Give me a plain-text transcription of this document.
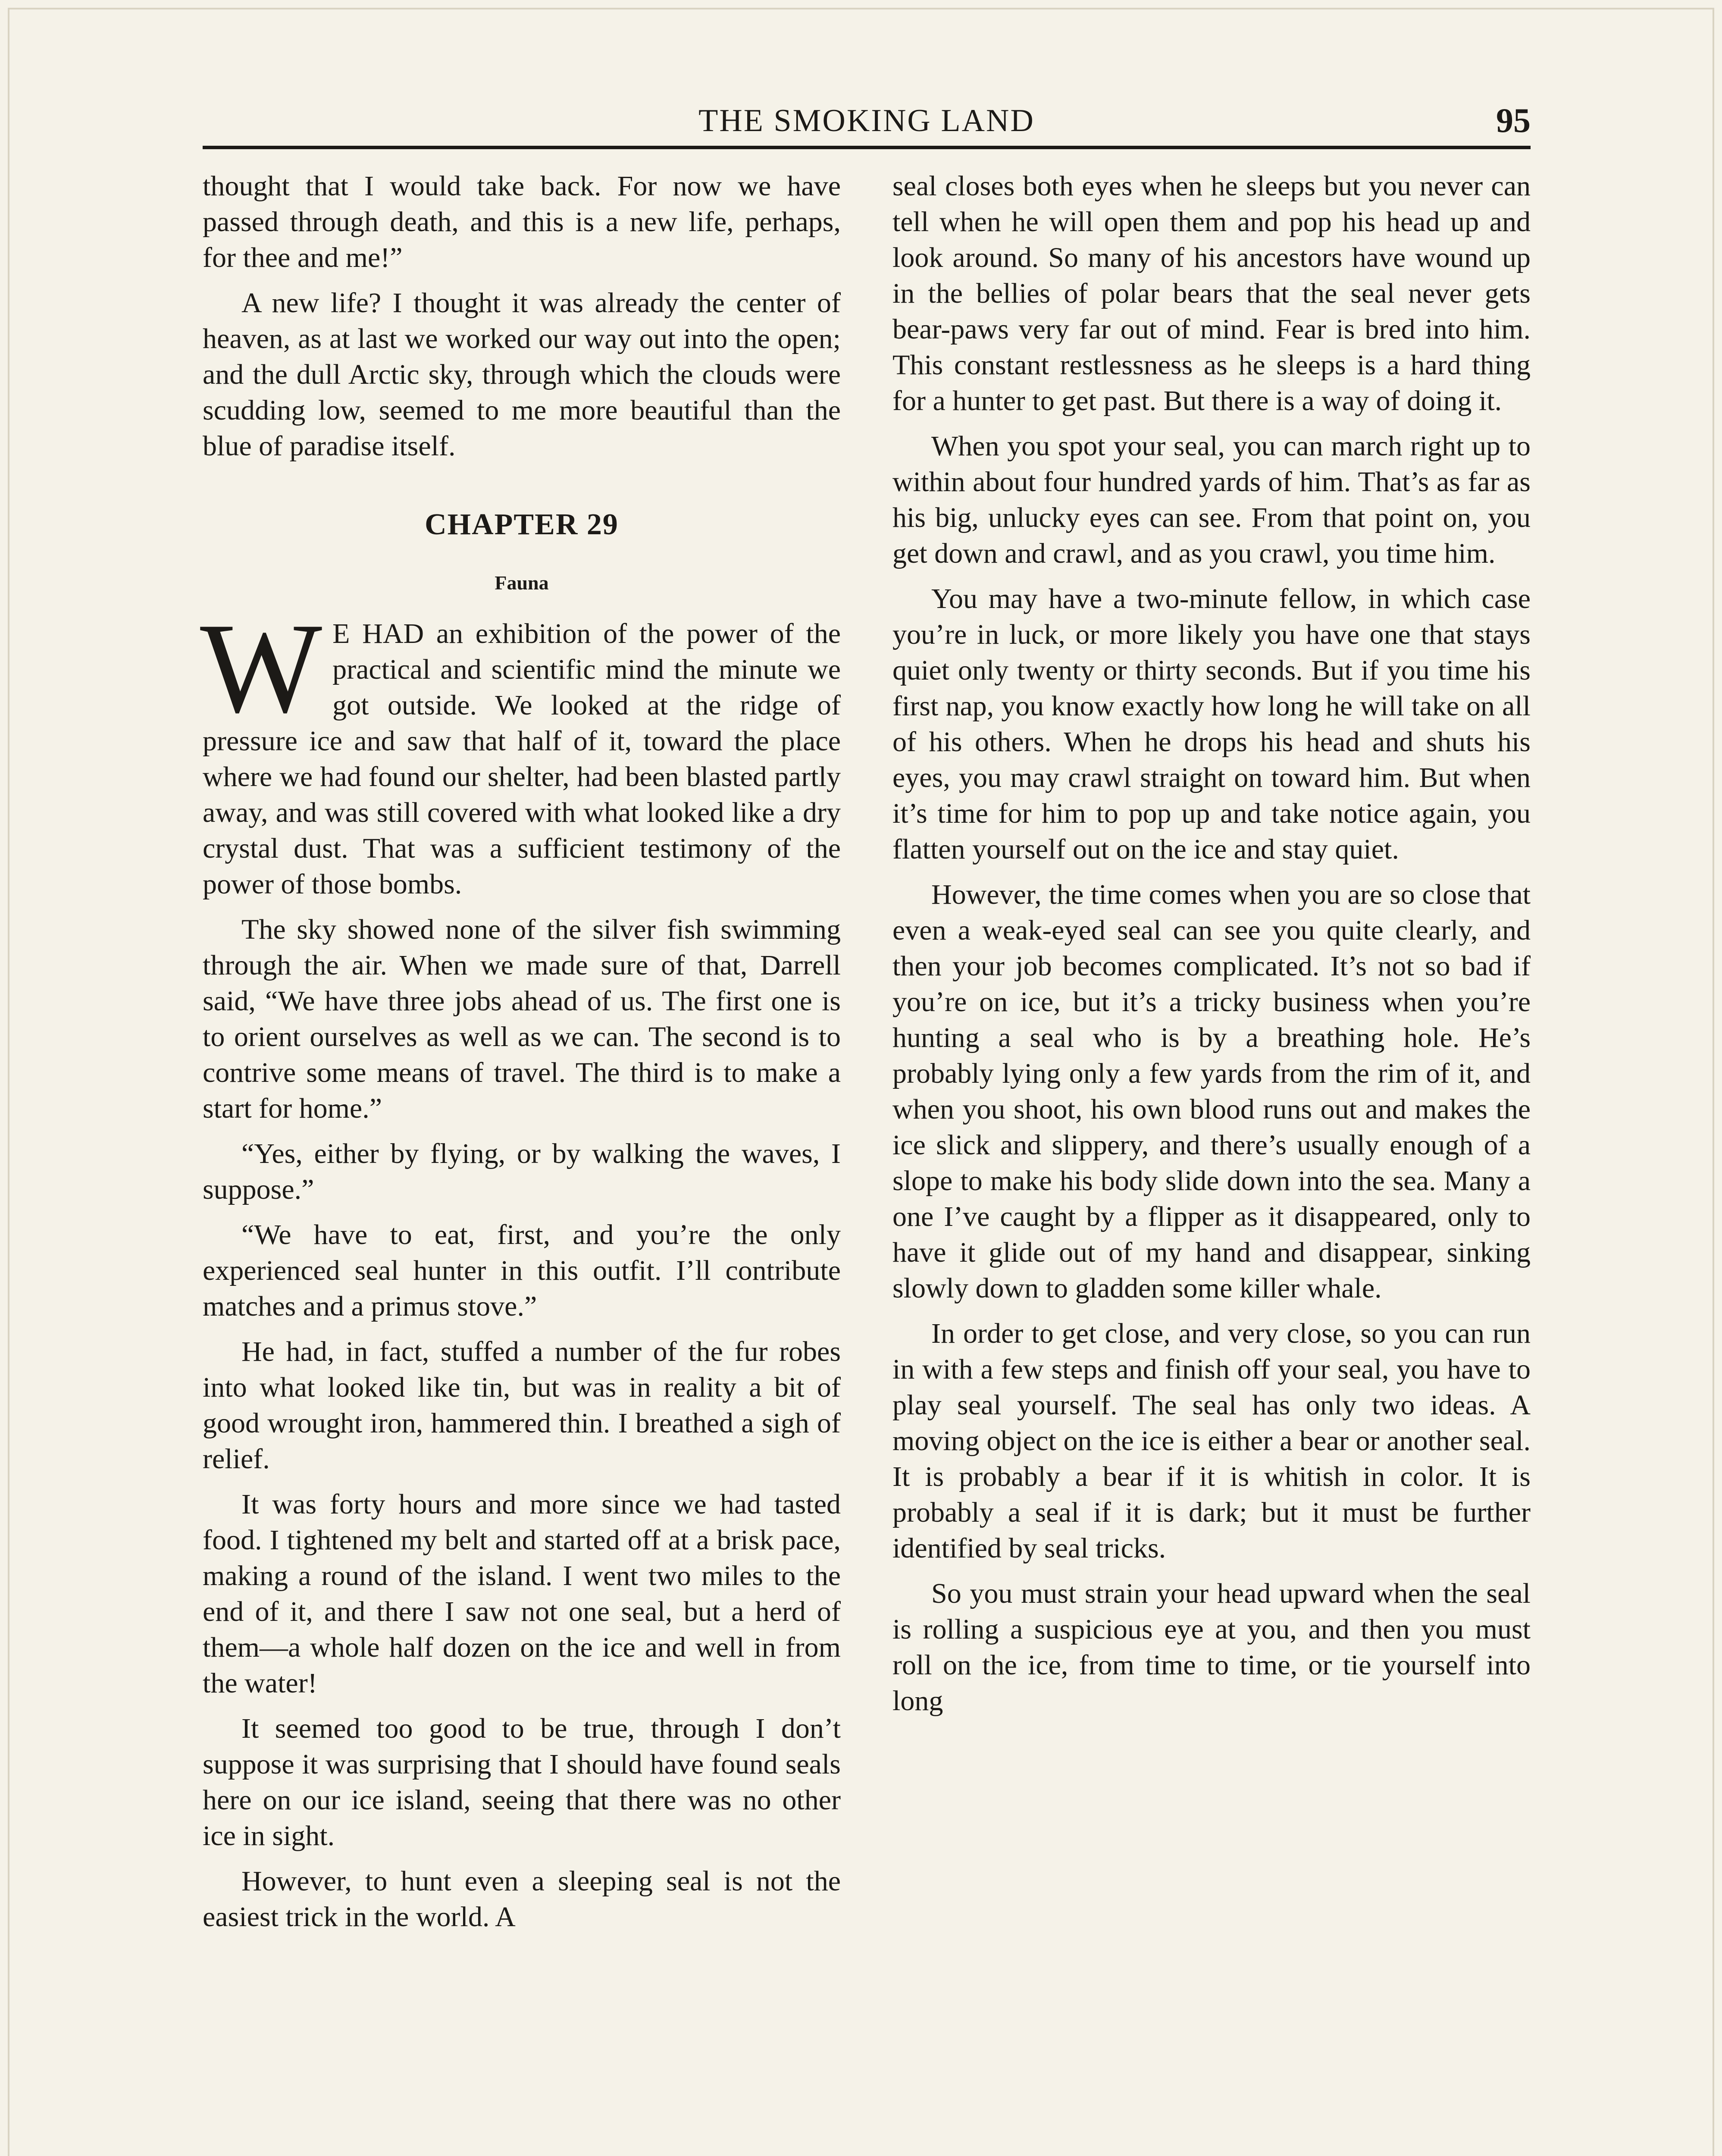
THE SMOKING LAND	95

thought that I would take back. For now we have passed through death, and this is a new life, perhaps, for thee and me!”

A new life? I thought it was already the center of heaven, as at last we worked our way out into the open; and the dull Arctic sky, through which the clouds were scudding low, seemed to me more beautiful than the blue of paradise itself.

CHAPTER 29
Fauna

W E HAD an exhibition of the power of the practical and scientific mind the minute we got outside. We looked at the ridge of pressure ice and saw that half of it, toward the place where we had found our shelter, had been blasted partly away, and was still covered with what looked like a dry crystal dust. That was a sufficient testimony of the power of those bombs.

The sky showed none of the silver fish swimming through the air. When we made sure of that, Darrell said, “We have three jobs ahead of us. The first one is to orient ourselves as well as we can. The second is to contrive some means of travel. The third is to make a start for home.”

“Yes, either by flying, or by walking the waves, I suppose.”

“We have to eat, first, and you’re the only experienced seal hunter in this outfit. I’ll contribute matches and a primus stove.”

He had, in fact, stuffed a number of the fur robes into what looked like tin, but was in reality a bit of good wrought iron, hammered thin. I breathed a sigh of relief.

It was forty hours and more since we had tasted food. I tightened my belt and started off at a brisk pace, making a round of the island. I went two miles to the end of it, and there I saw not one seal, but a herd of them—a whole half dozen on the ice and well in from the water!

It seemed too good to be true, through I don’t suppose it was surprising that I should have found seals here on our ice island, seeing that there was no other ice in sight.

However, to hunt even a sleeping seal is not the easiest trick in the world. A

seal closes both eyes when he sleeps but you never can tell when he will open them and pop his head up and look around. So many of his ancestors have wound up in the bellies of polar bears that the seal never gets bear-paws very far out of mind. Fear is bred into him. This constant restlessness as he sleeps is a hard thing for a hunter to get past. But there is a way of doing it.

When you spot your seal, you can march right up to within about four hundred yards of him. That’s as far as his big, unlucky eyes can see. From that point on, you get down and crawl, and as you crawl, you time him.

You may have a two-minute fellow, in which case you’re in luck, or more likely you have one that stays quiet only twenty or thirty seconds. But if you time his first nap, you know exactly how long he will take on all of his others. When he drops his head and shuts his eyes, you may crawl straight on toward him. But when it’s time for him to pop up and take notice again, you flatten yourself out on the ice and stay quiet.

However, the time comes when you are so close that even a weak-eyed seal can see you quite clearly, and then your job becomes complicated. It’s not so bad if you’re on ice, but it’s a tricky business when you’re hunting a seal who is by a breathing hole. He’s probably lying only a few yards from the rim of it, and when you shoot, his own blood runs out and makes the ice slick and slippery, and there’s usually enough of a slope to make his body slide down into the sea. Many a one I’ve caught by a flipper as it disappeared, only to have it glide out of my hand and disappear, sinking slowly down to gladden some killer whale.

In order to get close, and very close, so you can run in with a few steps and finish off your seal, you have to play seal yourself. The seal has only two ideas. A moving object on the ice is either a bear or another seal. It is probably a bear if it is whitish in color. It is probably a seal if it is dark; but it must be further identified by seal tricks.

So you must strain your head upward when the seal is rolling a suspicious eye at you, and then you must roll on the ice, from time to time, or tie yourself into long
